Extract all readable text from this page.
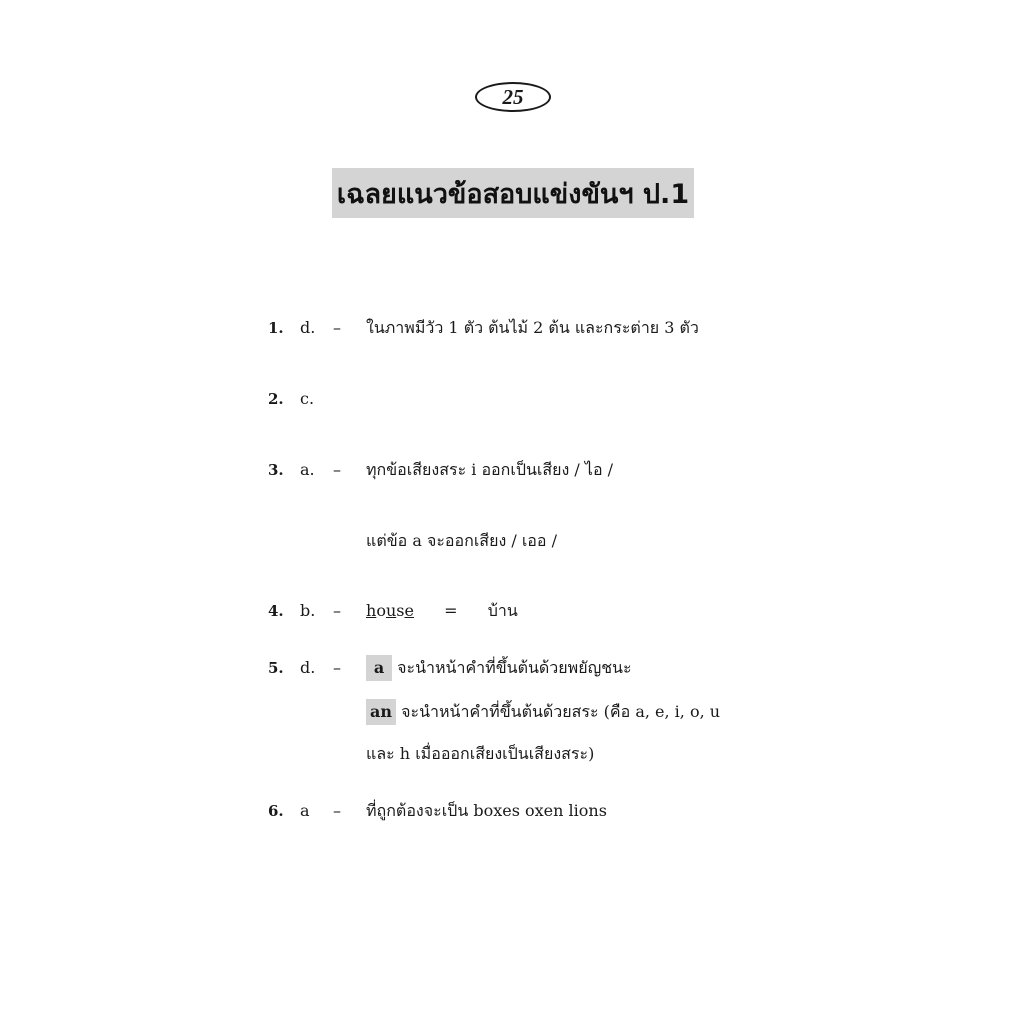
25
เฉลยแนวข้อสอบแข่งขันฯ ป.1
1. d. – ในภาพมีวัว 1 ตัว ต้นไม้ 2 ต้น และกระต่าย 3 ตัว
2. c.
3. a. – ทุกข้อเสียงสระ i ออกเป็นเสียง / ไอ /
แต่ข้อ a จะออกเสียง / เออ /
4. b. – house = บ้าน
5. d. –	a จะนำหน้าคำที่ขึ้นต้นด้วยพยัญชนะ
an จะนำหน้าคำที่ขึ้นต้นด้วยสระ (คือ a, e, i, o, u
และ h เมื่อออกเสียงเป็นเสียงสระ)
6. a – ที่ถูกต้องจะเป็น boxes oxen lions
